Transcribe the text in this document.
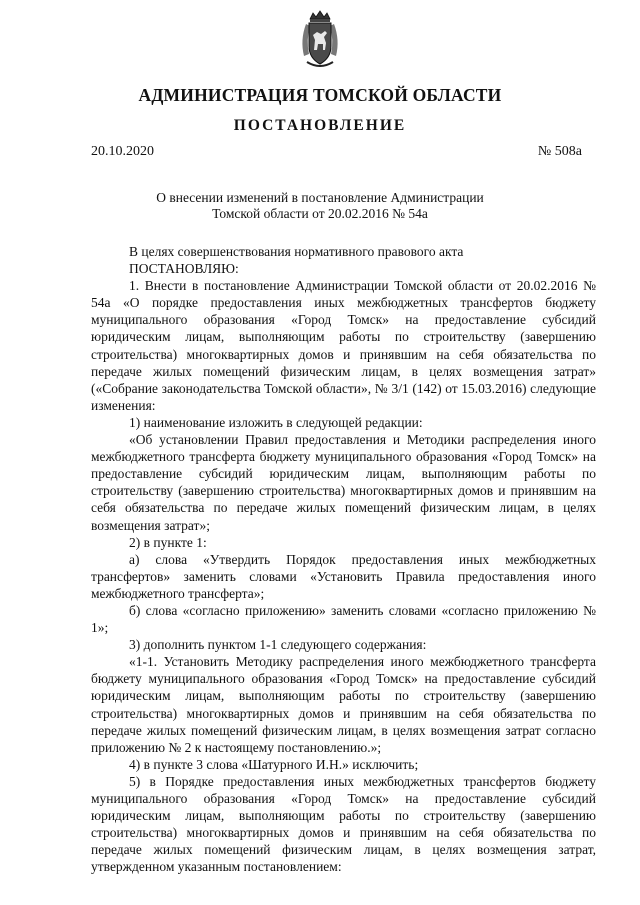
АДМИНИСТРАЦИЯ ТОМСКОЙ ОБЛАСТИ
ПОСТАНОВЛЕНИЕ
20.10.2020	№ 508а
О внесении изменений в постановление Администрации
Томской области от 20.02.2016 № 54а

В целях совершенствования нормативного правового акта

ПОСТАНОВЛЯЮ:

1. Внести в постановление Администрации Томской области от 20.02.2016 № 54а «О порядке предоставления иных межбюджетных трансфертов бюджету муниципального образования «Город Томск» на предоставление субсидий юридическим лицам, выполняющим работы по строительству (завершению строительства) многоквартирных домов и принявшим на себя обязательства по передаче жилых помещений физическим лицам, в целях возмещения затрат» («Собрание законодательства Томской области», № 3/1 (142) от 15.03.2016) следующие изменения:

1) наименование изложить в следующей редакции:

«Об установлении Правил предоставления и Методики распределения иного межбюджетного трансферта бюджету муниципального образования «Город Томск» на предоставление субсидий юридическим лицам, выполняющим работы по строительству (завершению строительства) многоквартирных домов и принявшим на себя обязательства по передаче жилых помещений физическим лицам, в целях возмещения затрат»;

2) в пункте 1:

а) слова «Утвердить Порядок предоставления иных межбюджетных трансфертов» заменить словами «Установить Правила предоставления иного межбюджетного трансферта»;

б) слова «согласно приложению» заменить словами «согласно приложению № 1»;

3) дополнить пунктом 1-1 следующего содержания:

«1-1. Установить Методику распределения иного межбюджетного трансферта бюджету муниципального образования «Город Томск» на предоставление субсидий юридическим лицам, выполняющим работы по строительству (завершению строительства) многоквартирных домов и принявшим на себя обязательства по передаче жилых помещений физическим лицам, в целях возмещения затрат согласно приложению № 2 к настоящему постановлению.»;

4) в пункте 3 слова «Шатурного И.Н.» исключить;

5) в Порядке предоставления иных межбюджетных трансфертов бюджету муниципального образования «Город Томск» на предоставление субсидий юридическим лицам, выполняющим работы по строительству (завершению строительства) многоквартирных домов и принявшим на себя обязательства по передаче жилых помещений физическим лицам, в целях возмещения затрат, утвержденном указанным постановлением:
